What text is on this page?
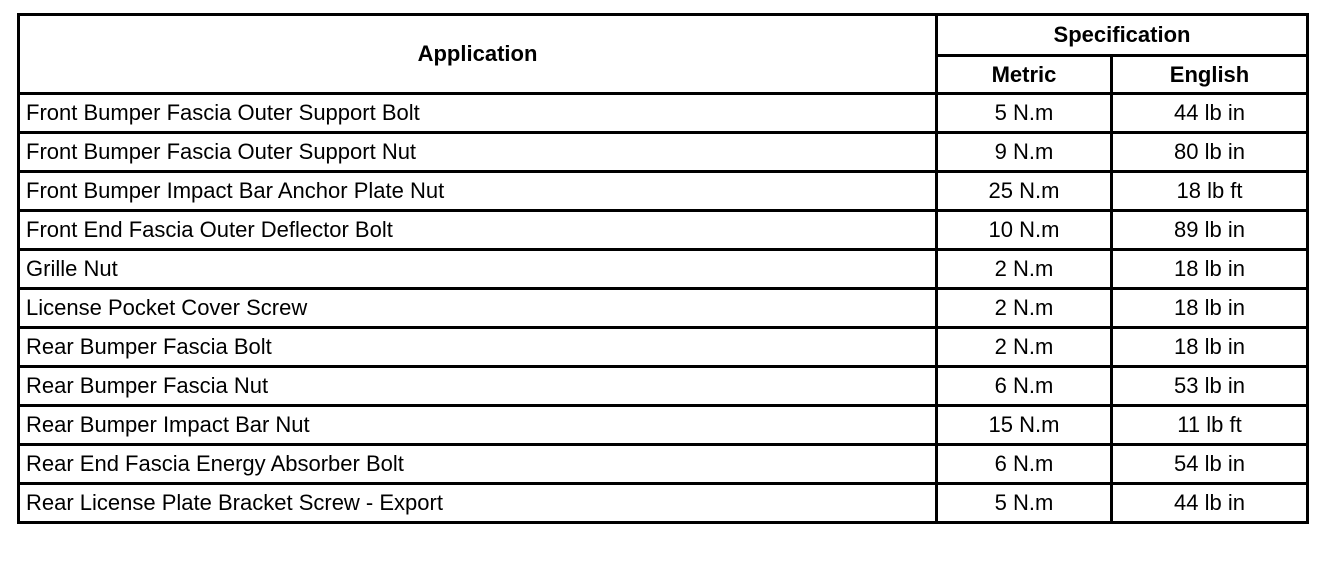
Application	Specification	
	Metric	English
Front Bumper Fascia Outer Support Bolt	5 N.m	44 lb in
Front Bumper Fascia Outer Support Nut	9 N.m	80 lb in
Front Bumper Impact Bar Anchor Plate Nut	25 N.m	18 lb ft
Front End Fascia Outer Deflector Bolt	10 N.m	89 lb in
Grille Nut	2 N.m	18 lb in
License Pocket Cover Screw	2 N.m	18 lb in
Rear Bumper Fascia Bolt	2 N.m	18 lb in
Rear Bumper Fascia Nut	6 N.m	53 lb in
Rear Bumper Impact Bar Nut	15 N.m	11 lb ft
Rear End Fascia Energy Absorber Bolt	6 N.m	54 lb in
Rear License Plate Bracket Screw - Export	5 N.m	44 lb in
